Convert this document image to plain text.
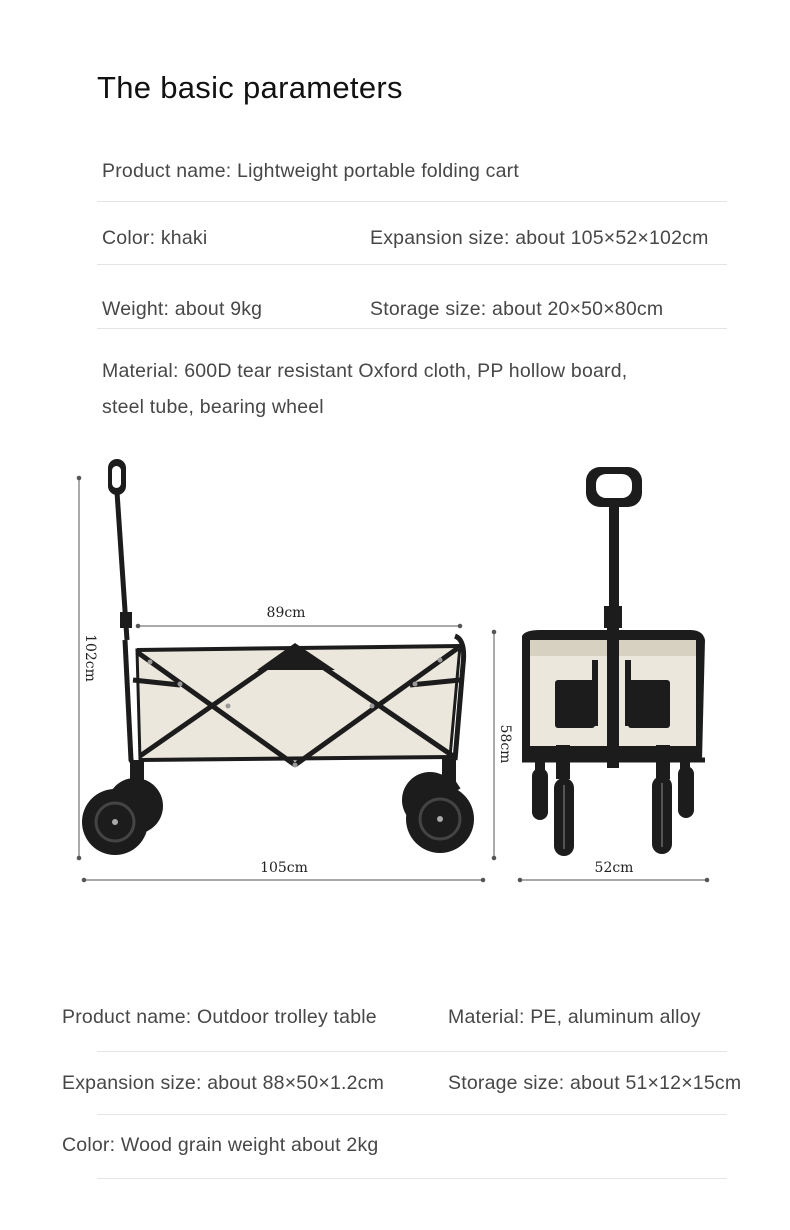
The basic parameters
Product name: Lightweight portable folding cart
Color: khaki	Expansion size: about 105×52×102cm
Weight: about 9kg	Storage size: about 20×50×80cm
Material: 600D tear resistant Oxford cloth, PP hollow board,
steel tube, bearing wheel
102cm
89cm
105cm
58cm
52cm
Product name: Outdoor trolley table	Material: PE, aluminum alloy
Expansion size: about 88×50×1.2cm	Storage size: about 51×12×15cm
Color: Wood grain weight about 2kg
